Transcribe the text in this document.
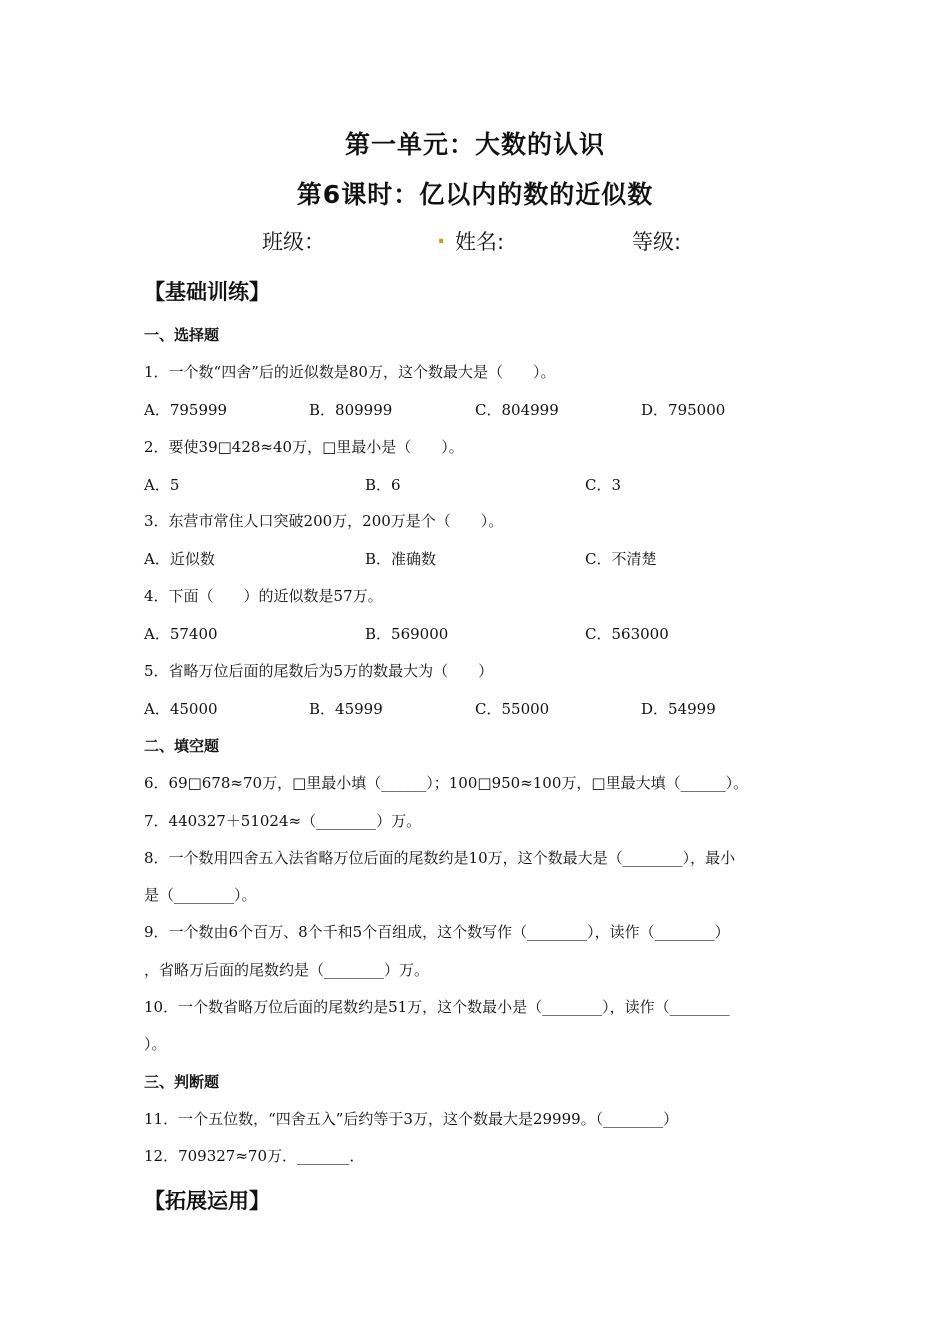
第一单元：大数的认识
第6课时：亿以内的数的近似数
班级：	. 姓名:	等级:
【基础训练】
一、选择题
1．一个数“四舍”后的近似数是80万，这个数最大是（　　）。
A．795999	B．809999	C．804999	D．795000
2．要使39□428≈40万，□里最小是（　　）。
A．5	B．6	C．3
3．东营市常住人口突破200万，200万是个（　　）。
A．近似数	B．准确数	C．不清楚
4．下面（　　）的近似数是57万。
A．57400	B．569000	C．563000
5．省略万位后面的尾数后为5万的数最大为（　　）
A．45000	B．45999	C．55000	D．54999
二、填空题
6．69□678≈70万，□里最小填（______）；100□950≈100万，□里最大填（______）。
7．440327＋51024≈（________）万。
8．一个数用四舍五入法省略万位后面的尾数约是10万，这个数最大是（________），最小
是（________）。
9．一个数由6个百万、8个千和5个百组成，这个数写作（________），读作（________）
，省略万后面的尾数约是（________）万。
10．一个数省略万位后面的尾数约是51万，这个数最小是（________），读作（________
）。
三、判断题
11．一个五位数，“四舍五入”后约等于3万，这个数最大是29999。（________）
12．709327≈70万．_______．
【拓展运用】
